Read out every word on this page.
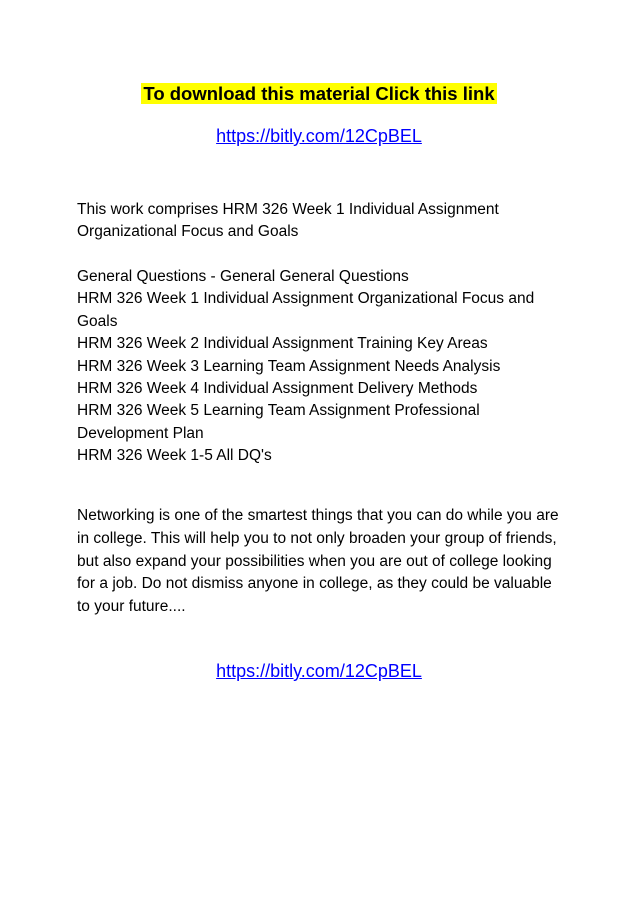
To download this material Click this link
https://bitly.com/12CpBEL
This work comprises HRM 326 Week 1 Individual Assignment Organizational Focus and Goals
General Questions - General General Questions
HRM 326 Week 1 Individual Assignment Organizational Focus and Goals
HRM 326 Week 2 Individual Assignment Training Key Areas
HRM 326 Week 3 Learning Team Assignment Needs Analysis
HRM 326 Week 4 Individual Assignment Delivery Methods
HRM 326 Week 5 Learning Team Assignment Professional Development Plan
HRM 326 Week 1-5 All DQ's
Networking is one of the smartest things that you can do while you are in college. This will help you to not only broaden your group of friends, but also expand your possibilities when you are out of college looking for a job. Do not dismiss anyone in college, as they could be valuable to your future....
https://bitly.com/12CpBEL
